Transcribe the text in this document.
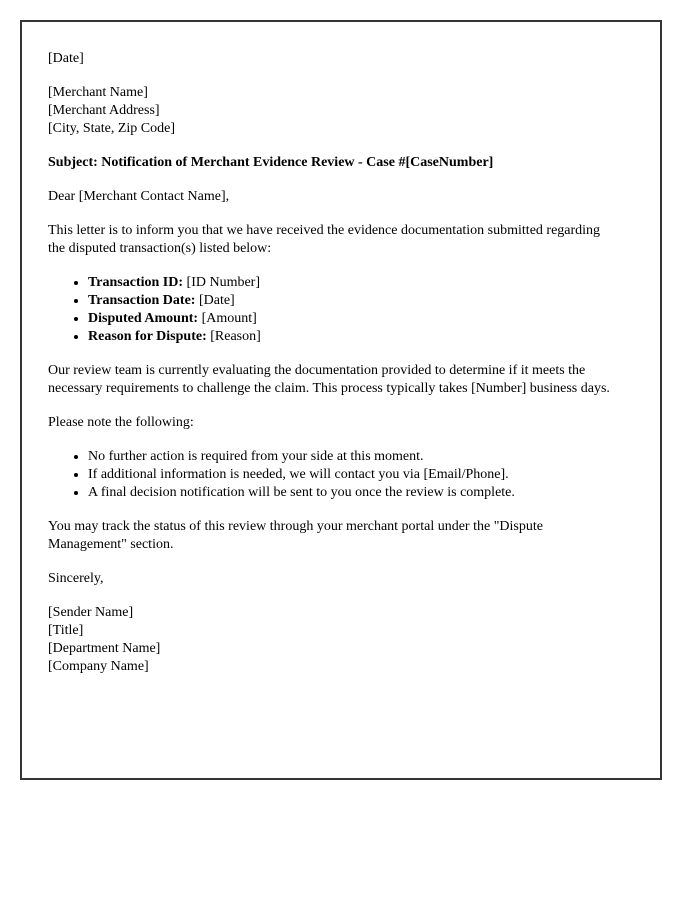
[Date]

[Merchant Name]
[Merchant Address]
[City, State, Zip Code]

Subject: Notification of Merchant Evidence Review - Case #[CaseNumber]

Dear [Merchant Contact Name],

This letter is to inform you that we have received the evidence documentation submitted regarding the disputed transaction(s) listed below:

• Transaction ID: [ID Number]
• Transaction Date: [Date]
• Disputed Amount: [Amount]
• Reason for Dispute: [Reason]

Our review team is currently evaluating the documentation provided to determine if it meets the necessary requirements to challenge the claim. This process typically takes [Number] business days.

Please note the following:

• No further action is required from your side at this moment.
• If additional information is needed, we will contact you via [Email/Phone].
• A final decision notification will be sent to you once the review is complete.

You may track the status of this review through your merchant portal under the "Dispute Management" section.

Sincerely,

[Sender Name]
[Title]
[Department Name]
[Company Name]
